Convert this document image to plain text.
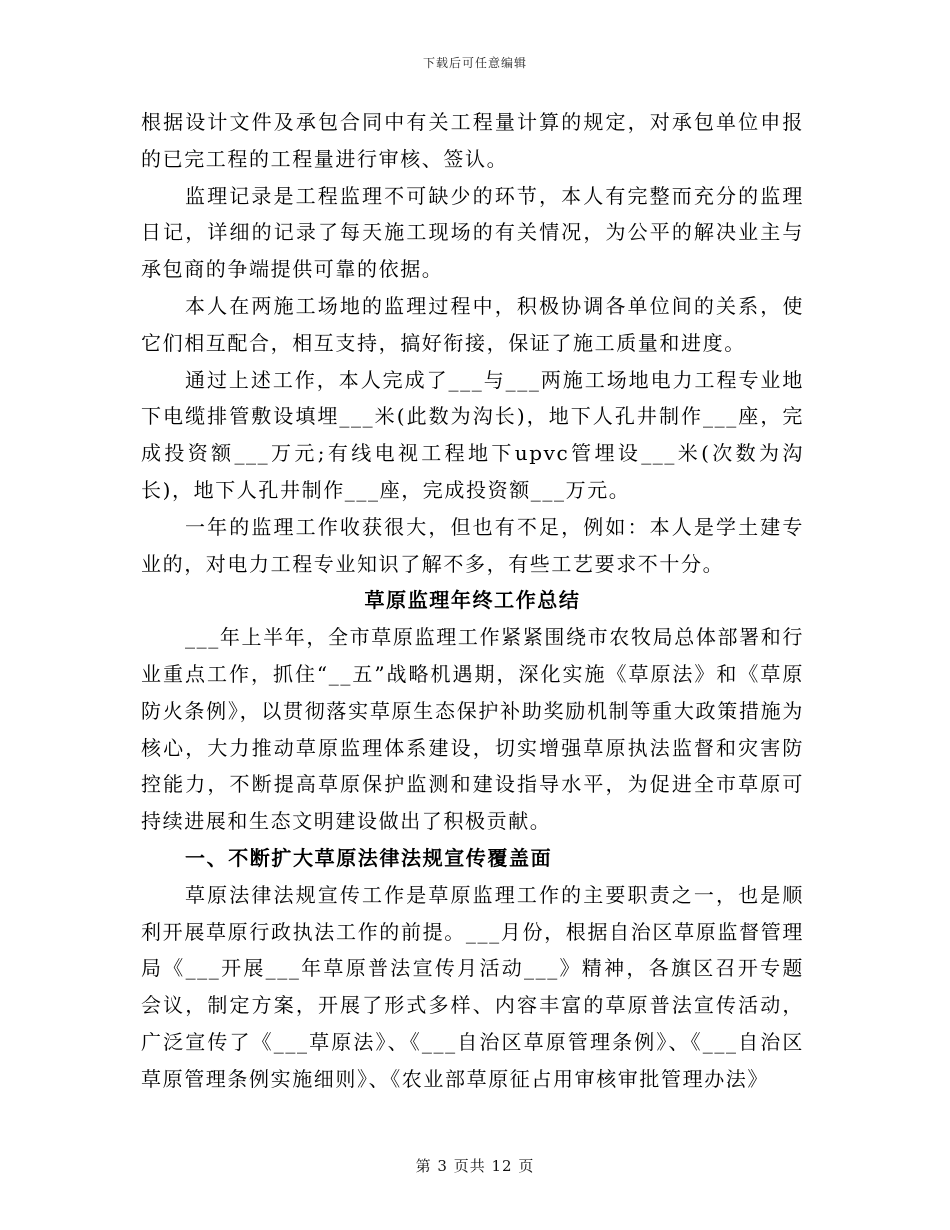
下载后可任意编辑

根据设计文件及承包合同中有关工程量计算的规定，对承包单位申报的已完工程的工程量进行审核、签认。

监理记录是工程监理不可缺少的环节，本人有完整而充分的监理日记，详细的记录了每天施工现场的有关情况，为公平的解决业主与承包商的争端提供可靠的依据。

本人在两施工场地的监理过程中，积极协调各单位间的关系，使它们相互配合，相互支持，搞好衔接，保证了施工质量和进度。

通过上述工作，本人完成了___与___两施工场地电力工程专业地下电缆排管敷设填埋___米(此数为沟长)，地下人孔井制作___座，完成投资额___万元;有线电视工程地下upvc管埋设___米(次数为沟长)，地下人孔井制作___座，完成投资额___万元。

一年的监理工作收获很大，但也有不足，例如：本人是学土建专业的，对电力工程专业知识了解不多，有些工艺要求不十分。

草原监理年终工作总结

___年上半年，全市草原监理工作紧紧围绕市农牧局总体部署和行业重点工作，抓住“__五”战略机遇期，深化实施《草原法》和《草原防火条例》，以贯彻落实草原生态保护补助奖励机制等重大政策措施为核心，大力推动草原监理体系建设，切实增强草原执法监督和灾害防控能力，不断提高草原保护监测和建设指导水平，为促进全市草原可持续进展和生态文明建设做出了积极贡献。

一、不断扩大草原法律法规宣传覆盖面

草原法律法规宣传工作是草原监理工作的主要职责之一，也是顺利开展草原行政执法工作的前提。___月份，根据自治区草原监督管理局《___开展___年草原普法宣传月活动___》精神，各旗区召开专题会议，制定方案，开展了形式多样、内容丰富的草原普法宣传活动，广泛宣传了《___草原法》、《___自治区草原管理条例》、《___自治区草原管理条例实施细则》、《农业部草原征占用审核审批管理办法》

第 3 页共 12 页
